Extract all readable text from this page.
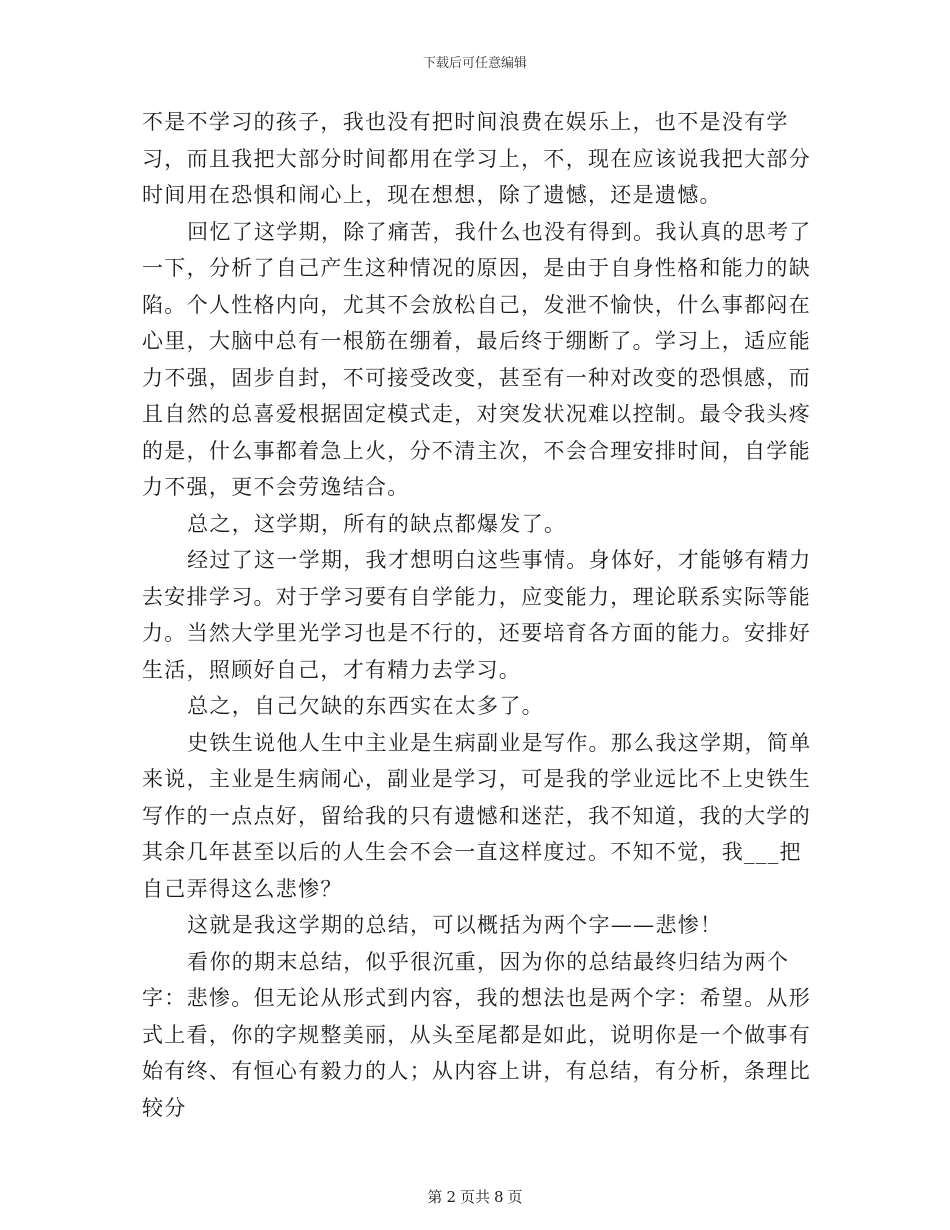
下载后可任意编辑

不是不学习的孩子，我也没有把时间浪费在娱乐上，也不是没有学习，而且我把大部分时间都用在学习上，不，现在应该说我把大部分时间用在恐惧和闹心上，现在想想，除了遗憾，还是遗憾。

回忆了这学期，除了痛苦，我什么也没有得到。我认真的思考了一下，分析了自己产生这种情况的原因，是由于自身性格和能力的缺陷。个人性格内向，尤其不会放松自己，发泄不愉快，什么事都闷在心里，大脑中总有一根筋在绷着，最后终于绷断了。学习上，适应能力不强，固步自封，不可接受改变，甚至有一种对改变的恐惧感，而且自然的总喜爱根据固定模式走，对突发状况难以控制。最令我头疼的是，什么事都着急上火，分不清主次，不会合理安排时间，自学能力不强，更不会劳逸结合。

总之，这学期，所有的缺点都爆发了。

经过了这一学期，我才想明白这些事情。身体好，才能够有精力去安排学习。对于学习要有自学能力，应变能力，理论联系实际等能力。当然大学里光学习也是不行的，还要培育各方面的能力。安排好生活，照顾好自己，才有精力去学习。

总之，自己欠缺的东西实在太多了。

史铁生说他人生中主业是生病副业是写作。那么我这学期，简单来说，主业是生病闹心，副业是学习，可是我的学业远比不上史铁生写作的一点点好，留给我的只有遗憾和迷茫，我不知道，我的大学的其余几年甚至以后的人生会不会一直这样度过。不知不觉，我___把自己弄得这么悲惨？

这就是我这学期的总结，可以概括为两个字——悲惨！

看你的期末总结，似乎很沉重，因为你的总结最终归结为两个字：悲惨。但无论从形式到内容，我的想法也是两个字：希望。从形式上看，你的字规整美丽，从头至尾都是如此，说明你是一个做事有始有终、有恒心有毅力的人；从内容上讲，有总结，有分析，条理比较分

第 2 页共 8 页
